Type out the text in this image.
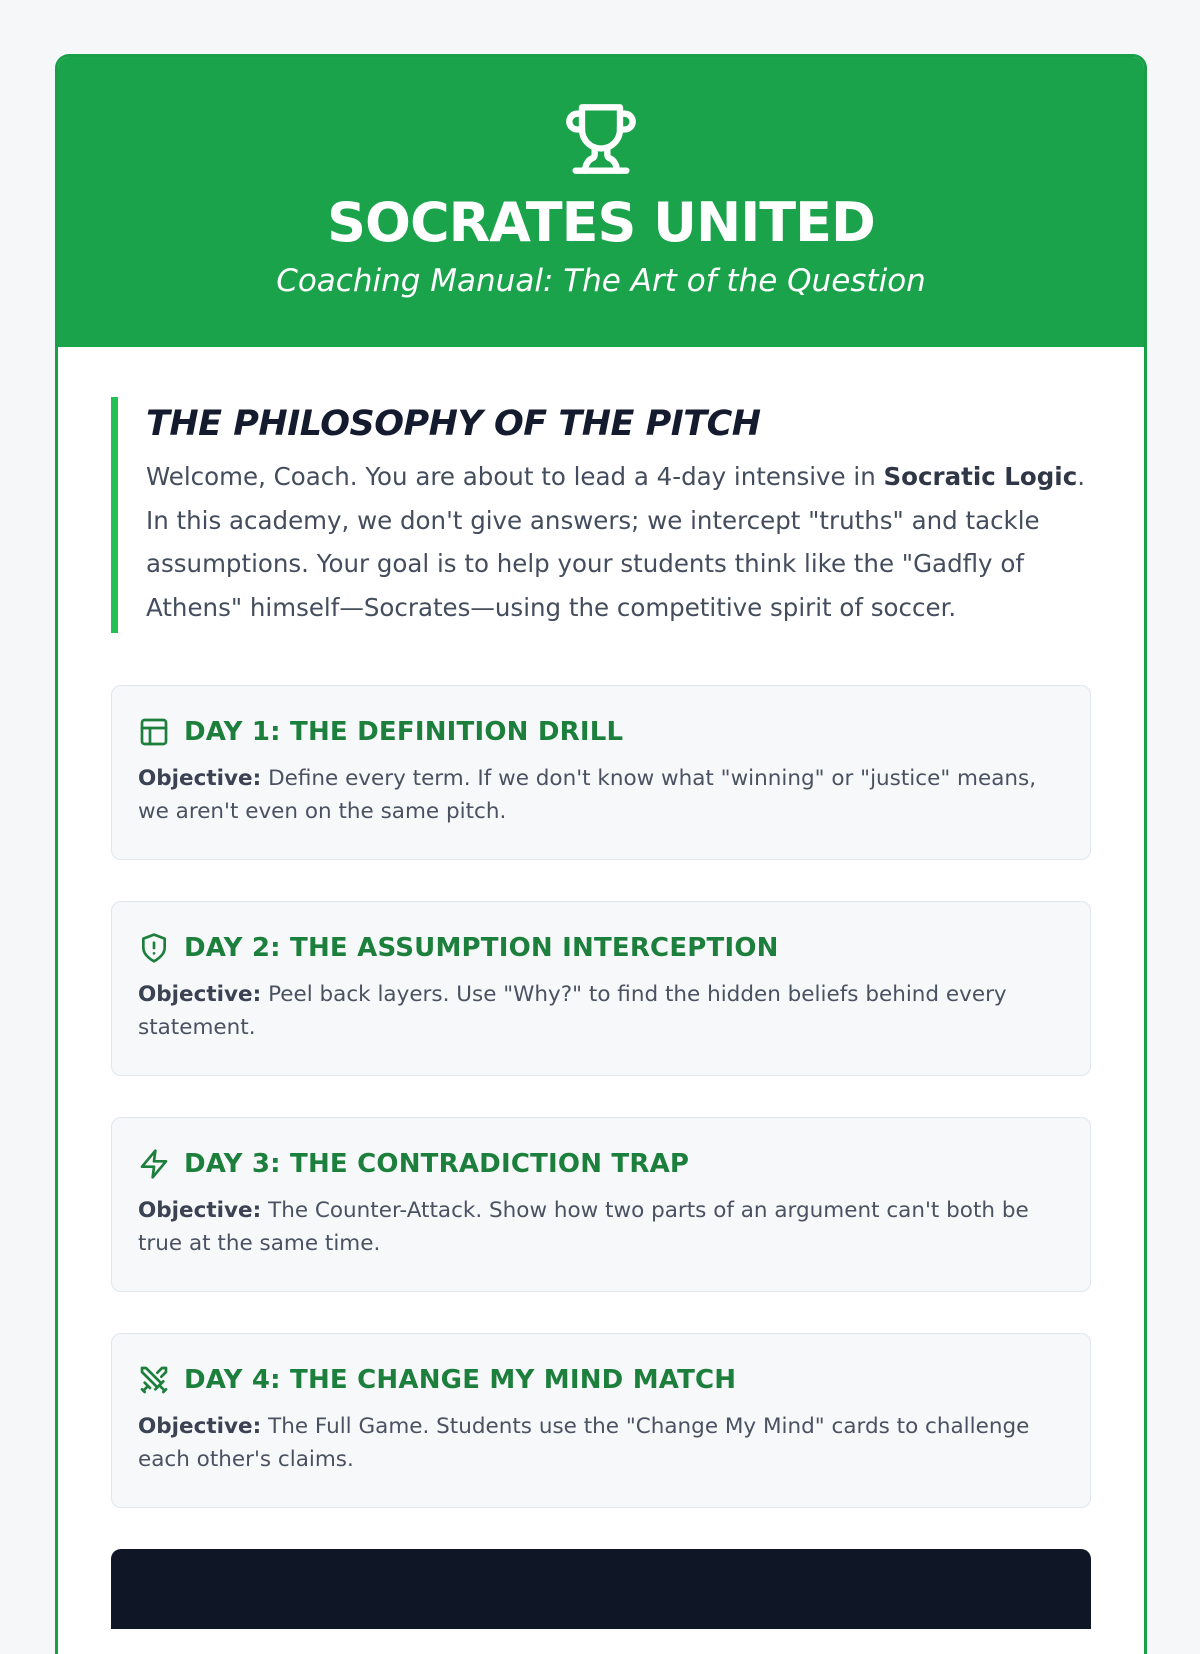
SOCRATES UNITED
Coaching Manual: The Art of the Question
THE PHILOSOPHY OF THE PITCH

Welcome, Coach. You are about to lead a 4-day intensive in Socratic Logic. In this academy, we don't give answers; we intercept "truths" and tackle assumptions. Your goal is to help your students think like the "Gadfly of Athens" himself—Socrates—using the competitive spirit of soccer.

DAY 1: THE DEFINITION DRILL
Objective: Define every term. If we don't know what "winning" or "justice" means, we aren't even on the same pitch.
DAY 2: THE ASSUMPTION INTERCEPTION
Objective: Peel back layers. Use "Why?" to find the hidden beliefs behind every statement.
DAY 3: THE CONTRADICTION TRAP
Objective: The Counter-Attack. Show how two parts of an argument can't both be true at the same time.
DAY 4: THE CHANGE MY MIND MATCH
Objective: The Full Game. Students use the "Change My Mind" cards to challenge each other's claims.
